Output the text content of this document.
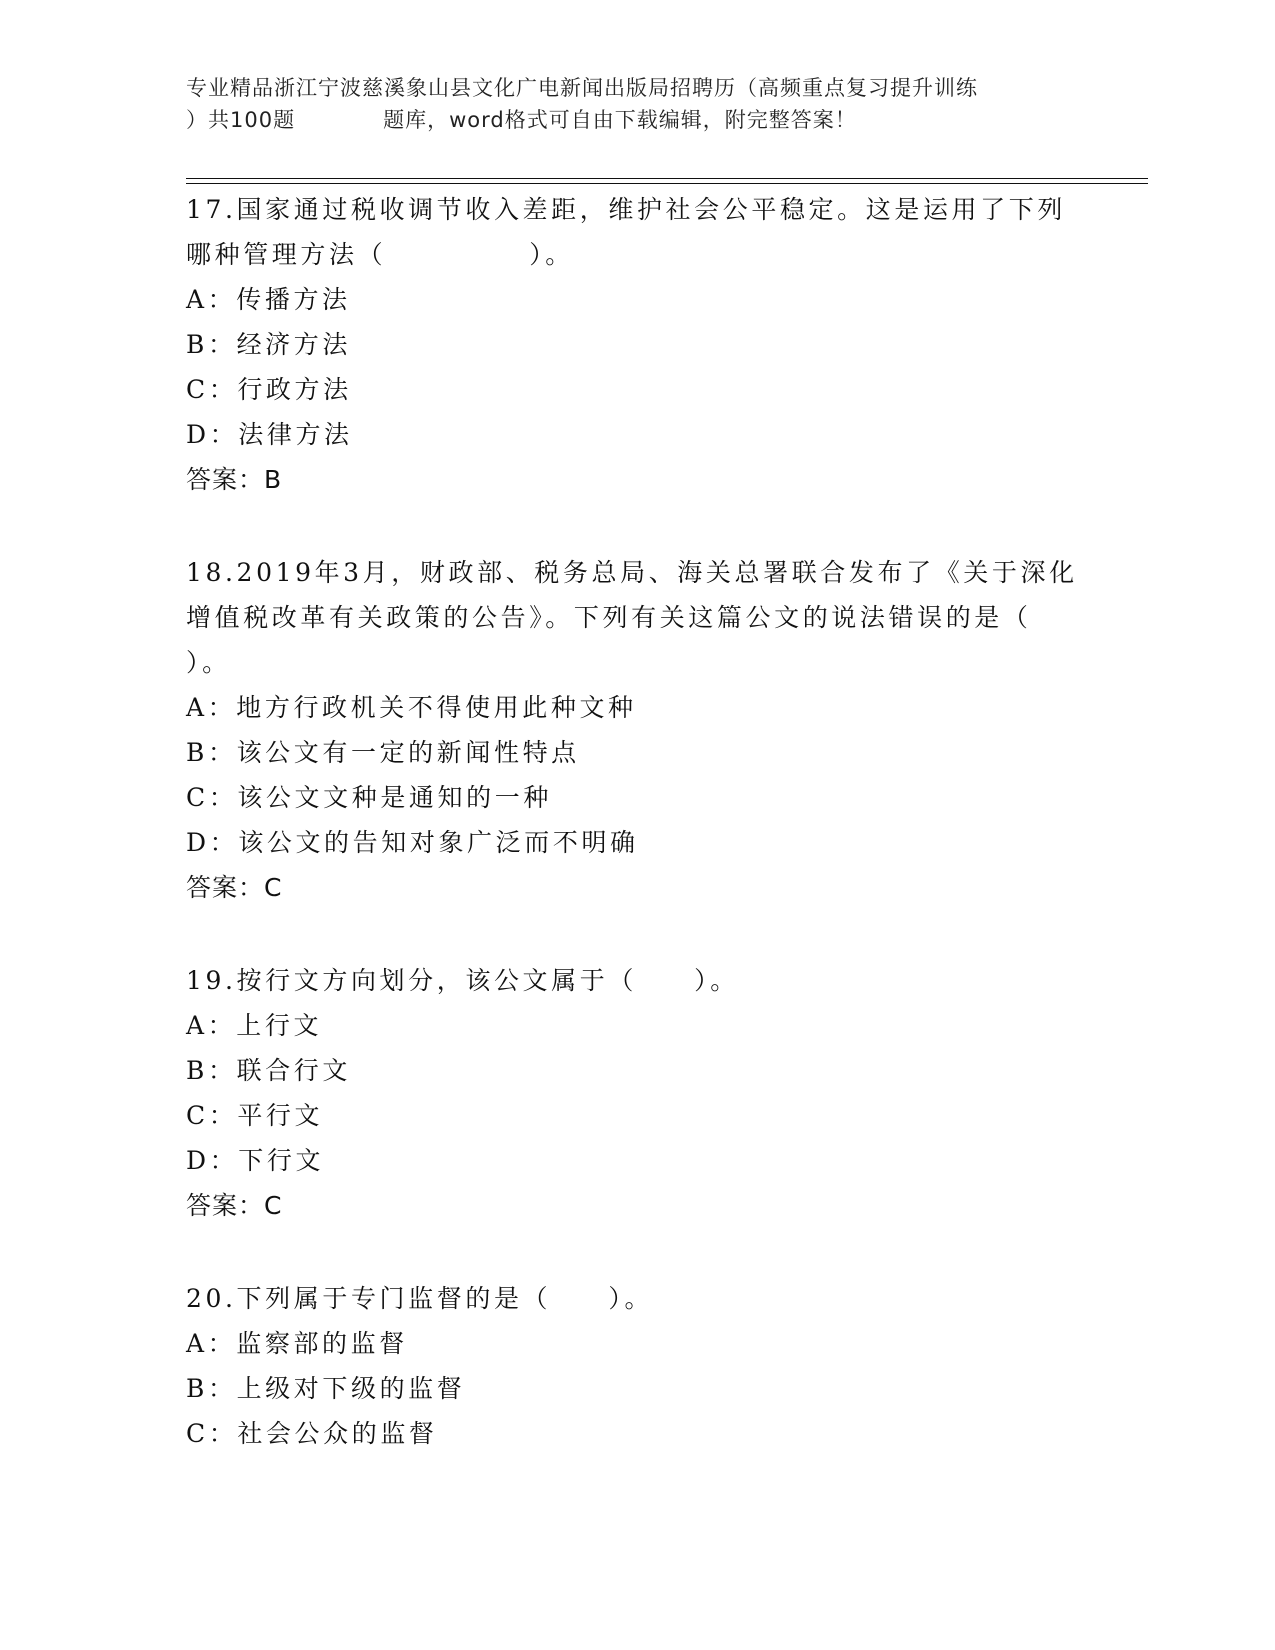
专业精品浙江宁波慈溪象山县文化广电新闻出版局招聘历（高频重点复习提升训练
）共100题　　　　题库，word格式可自由下载编辑，附完整答案！
17.国家通过税收调节收入差距，维护社会公平稳定。这是运用了下列
哪种管理方法（　　　　　）。
A：传播方法
B：经济方法
C：行政方法
D：法律方法
答案：B
18.2019年3月，财政部、税务总局、海关总署联合发布了《关于深化
增值税改革有关政策的公告》。下列有关这篇公文的说法错误的是（
）。
A：地方行政机关不得使用此种文种
B：该公文有一定的新闻性特点
C：该公文文种是通知的一种
D：该公文的告知对象广泛而不明确
答案：C
19.按行文方向划分，该公文属于（　　）。
A：上行文
B：联合行文
C：平行文
D：下行文
答案：C
20.下列属于专门监督的是（　　）。
A：监察部的监督
B：上级对下级的监督
C：社会公众的监督
